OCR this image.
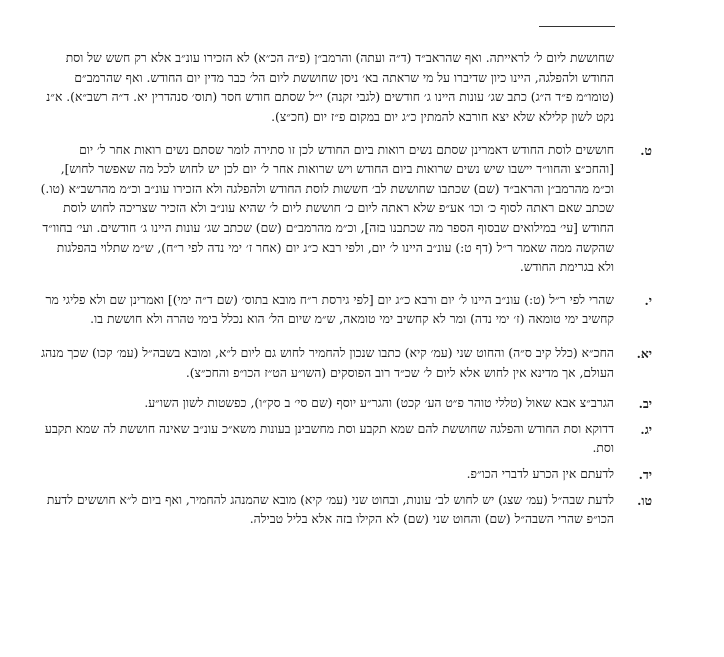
שחוששת ליום ל׳ לראייתה. ואף שהראב״ד (ד״ה ועתה) והרמב״ן (פ״ה הכ״א) לא הזכירו עונ״ב אלא רק חשש של וסת החודש ולהפלגה, היינו כיון שדיברו על מי שראתה בא׳ ניסן שחוששת ליום הל׳ כבר מדין יום החודש. ואף שהרמב״ם (טומו״מ פ״ד ה״ג) כתב שג׳ עונות היינו ג׳ חודשים (לגבי זקנה) י״ל שסתם חודש חסר (תוס׳ סנהדרין יא. ד״ה רשב״א). א״נ נקט לשון קלילא שלא יצא חורבא להמתין כ״ג יום במקום פ״ז יום (חכ״צ).

ט.
חוששים לוסת החודש דאמרינן שסתם נשים רואות ביום החודש לכן זו סתירה לומר שסתם נשים רואות אחר ל׳ יום [והחכ״צ והחוו״ד יישבו שיש נשים שרואות ביום החודש ויש שרואות אחר ל׳ יום לכן יש לחוש לכל מה שאפשר לחוש], וכ״מ מהרמב״ן והראב״ד (שם) שכתבו שחוששת לב׳ חששות לוסת החודש ולהפלגה ולא הזכירו עונ״ב וכ״מ מהרשב״א (טו.) שכתב שאם ראתה לסוף כ׳ וכו׳ אע״פ שלא ראתה ליום כ׳ חוששת ליום ל׳ שהיא עונ״ב ולא הזכיר שצריכה לחוש לוסת החודש [עי׳ במילואים שבסוף הספר מה שכתבנו בזה], וכ״מ מהרמב״ם (שם) שכתב שג׳ עונות היינו ג׳ חודשים. ועי׳ בחוו״ד שהקשה ממה שאמר ר״ל (דף ט:) עונ״ב היינו ל׳ יום, ולפי רבא כ״ג יום (אחר ז׳ ימי נדה לפי ר״ח), ש״מ שתלוי בהפלגות ולא בגרימת החודש.
י.
שהרי לפי ר״ל (ט:) עונ״ב היינו ל׳ יום ורבא כ״ג יום [לפי גירסת ר״ח מובא בתוס׳ (שם ד״ה ימי)] ואמרינן שם ולא פליגי מר קחשיב ימי טומאה (ז׳ ימי נדה) ומר לא קחשיב ימי טומאה, ש״מ שיום הל׳ הוא נכלל בימי טהרה ולא חוששת בו.
יא.
החכ״א (כלל קיב ס״ה) והחוט שני (עמ׳ קיא) כתבו שנכון להחמיר לחוש גם ליום ל״א, ומובא בשבה״ל (עמ׳ קכו) שכך מנהג העולם, אך מדינא אין לחוש אלא ליום ל׳ שכ״ד רוב הפוסקים (השו״ע הט״ז הכו״פ והחכ״צ).
יב.
הגרב״צ אבא שאול (טללי טוהר פ״ט הע׳ קכט) והגר״ע יוסף (שם סי׳ ב סק״ו), כפשטות לשון השו״ע.
יג.
דדוקא וסת החודש והפלגה שחוששת להם שמא תקבע וסת מחשבינן בעונות משא״כ עונ״ב שאינה חוששת לה שמא תקבע וסת.
יד.
לדעתם אין הכרע לדברי הכו״פ.
טו.
לדעת שבה״ל (עמ׳ שצג) יש לחוש לב׳ עונות, ובחוט שני (עמ׳ קיא) מובא שהמנהג להחמיר, ואף ביום ל״א חוששים לדעת הכו״פ שהרי השבה״ל (שם) והחוט שני (שם) לא הקילו בזה אלא בליל טבילה.
